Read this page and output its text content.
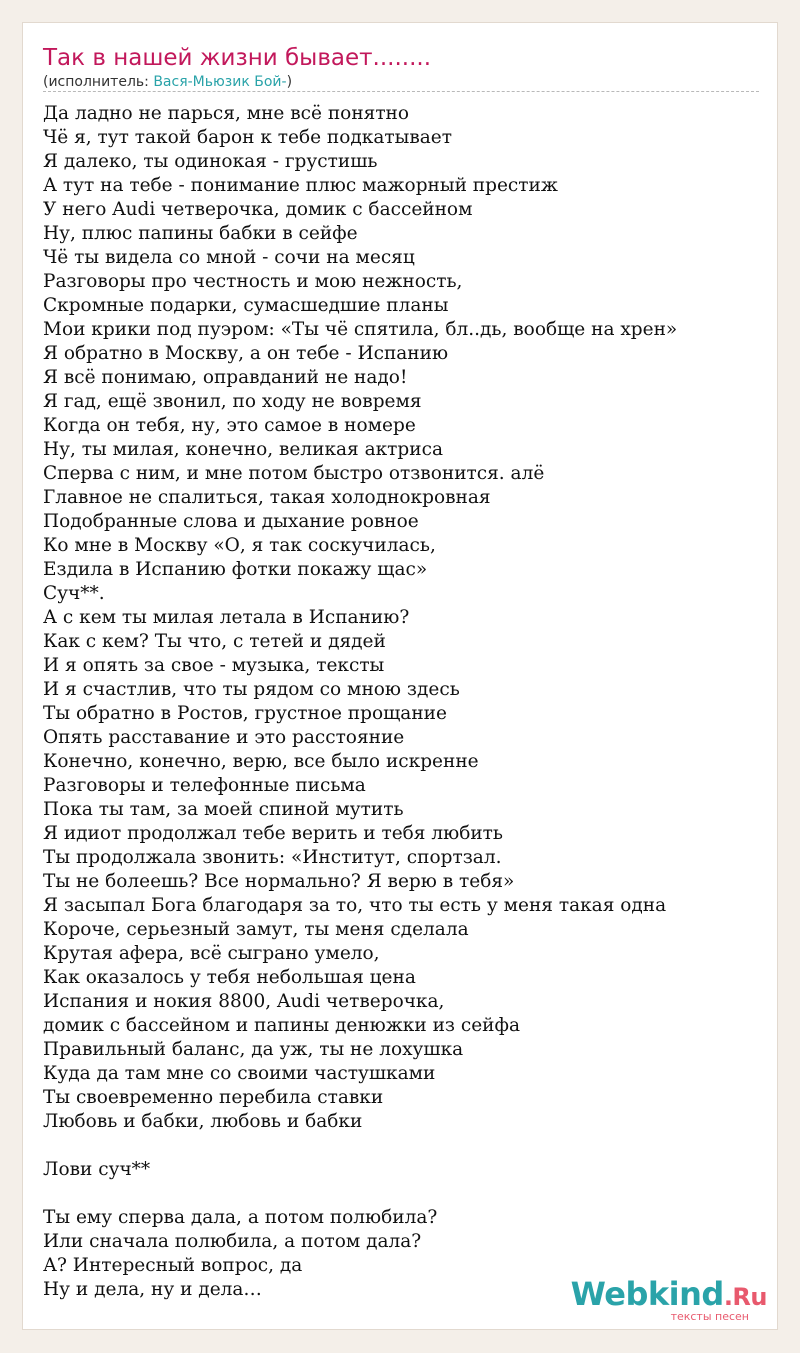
Так в нашей жизни бывает........
(исполнитель: Вася-Мьюзик Бой-)
Да ладно не парься, мне всё понятно
Чё я, тут такой барон к тебе подкатывает
Я далеко, ты одинокая - грустишь
А тут на тебе - понимание плюс мажорный престиж
У него Audi четверочка, домик с бассейном
Ну, плюс папины бабки в сейфе
Чё ты видела со мной - сочи на месяц
Разговоры про честность и мою нежность,
Скромные подарки, сумасшедшие планы
Мои крики под пуэром: «Ты чё спятила, бл..дь, вообще на хрен»
Я обратно в Москву, а он тебе - Испанию
Я всё понимаю, оправданий не надо!
Я гад, ещё звонил, по ходу не вовремя
Когда он тебя, ну, это самое в номере
Ну, ты милая, конечно, великая актриса
Сперва с ним, и мне потом быстро отзвонится. алё
Главное не спалиться, такая холоднокровная
Подобранные слова и дыхание ровное
Ко мне в Москву «О, я так соскучилась,
Ездила в Испанию фотки покажу щас»
Суч**.
А с кем ты милая летала в Испанию?
Как с кем? Ты что, с тетей и дядей
И я опять за свое - музыка, тексты
И я счастлив, что ты рядом со мною здесь
Ты обратно в Ростов, грустное прощание
Опять расставание и это расстояние
Конечно, конечно, верю, все было искренне
Разговоры и телефонные письма
Пока ты там, за моей спиной мутить
Я идиот продолжал тебе верить и тебя любить
Ты продолжала звонить: «Институт, спортзал.
Ты не болеешь? Все нормально? Я верю в тебя»
Я засыпал Бога благодаря за то, что ты есть у меня такая одна
Короче, серьезный замут, ты меня сделала
Крутая афера, всё сыграно умело,
Как оказалось у тебя небольшая цена
Испания и нокия 8800, Audi четверочка,
домик с бассейном и папины денюжки из сейфа
Правильный баланс, да уж, ты не лохушка
Куда да там мне со своими частушками
Ты своевременно перебила ставки
Любовь и бабки, любовь и бабки
Лови суч**
Ты ему сперва дала, а потом полюбила?
Или сначала полюбила, а потом дала?
А? Интересный вопрос, да
Ну и дела, ну и дела…	Webkind.Ru
тексты песен
